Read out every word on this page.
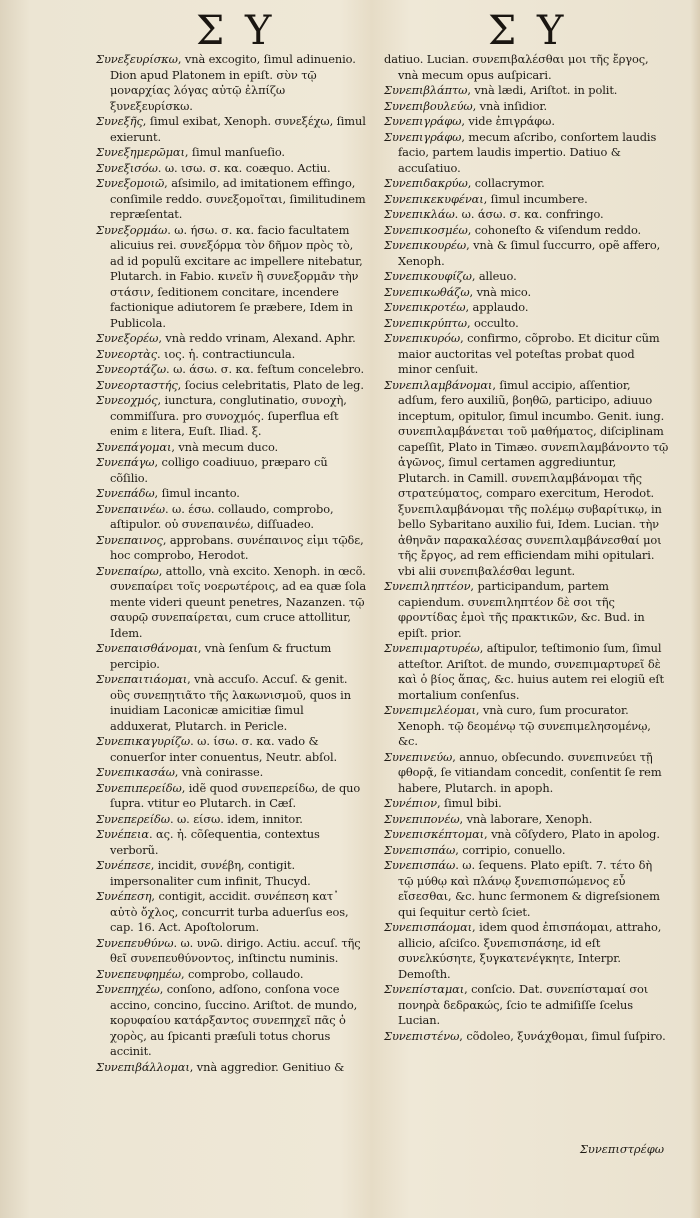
Σ Υ	Σ Υ

Συνεξευρίσκω, vnà excogito, ſimul adinuenio. Dion apud Platonem in epiſt. σὺν τῷ μοναρχίας λόγας αὐτῷ ἐλπίζω ξυνεξευρίσκω.

Συνεξῆς, ſimul exibat, Xenoph. συνεξέχω, ſimul exierunt.

Συνεξημερῶμαι, ſimul manſueſio.

Συνεξισόω. ω. ισω. σ. κα. coæquo. Actiu.

Συνεξομοιῶ, aſsimilo, ad imitationem effingo, conſimile reddo. συνεξομοῖται, ſimilitudinem repræſentat.

Συνεξορμάω. ω. ήσω. σ. κα. facio facultatem alicuius rei. συνεξόρμα τὸν δῆμον πρὸς τὸ, ad id populũ excitare ac impellere nitebatur, Plutarch. in Fabio. κινεῖν ἢ συνεξορμᾶν τὴν στάσιν, ſeditionem concitare, incendere factionique adiutorem ſe præbere, Idem in Publicola.

Συνεξορέω, vnà reddo vrinam, Alexand. Aphr.

Συνεορτὰς. ιος. ἡ. contractiuncula.

Συνεορτάζω. ω. άσω. σ. κα. feſtum concelebro.

Συνεορταστής, ſocius celebritatis, Plato de leg.

Συνεοχμός, iunctura, conglutinatio, συνοχὴ, commiſſura. pro συνοχμός. ſuperflua eſt enim ε litera, Euſt. Iliad. ξ.

Συνεπάγομαι, vnà mecum duco.

Συνεπάγω, colligo coadiuuo, præparo cũ cõſilio.

Συνεπάδω, ſimul incanto.

Συνεπαινέω. ω. έσω. collaudo, comprobo, aſtipulor. οὐ συνεπαινέω, diſſuadeo.

Συνεπαινος, approbans. συνέπαινος εἰμι τῷδε, hoc comprobo, Herodot.

Συνεπαίρω, attollo, vnà excito. Xenoph. in œcõ. συνεπαίρει τοῖς νοερωτέροις, ad ea quæ ſola mente videri queunt penetres, Nazanzen. τῷ σαυρῷ συνεπαίρεται, cum cruce attollitur, Idem.

Συνεπαισθάνομαι, vnà ſenſum & fructum percipio.

Συνεπαιτιάομαι, vnà accuſo. Accuſ. & genit. οὓς συνεπῃτιᾶτο τῆς λακωνισμοῦ, quos in inuidiam Laconicæ amicitiæ ſimul adduxerat, Plutarch. in Pericle.

Συνεπικαγυρίζω. ω. ίσω. σ. κα. vado & conuerſor inter conuentus, Neutr. abſol.

Συνεπικασάω, vnà conirasse.

Συνεπιπερείδω, idẽ quod συνεπερείδω, de quo ſupra. vtitur eo Plutarch. in Cæſ.

Συνεπερείδω. ω. είσω. idem, innitor.

Συνέπεια. ας. ἡ. cõſequentia, contextus verborũ.

Συνέπεσε, incidit, συνέβη, contigit. impersonaliter cum infinit, Thucyd.

Συνέπεση, contigit, accidit. συνέπεση κατ᾽ αὐτὸ ὄχλος, concurrit turba aduerſus eos, cap. 16. Act. Apoſtolorum.

Συνεπευθύνω. ω. υνῶ. dirigo. Actiu. accuſ. τῆς θεῖ συνεπευθύνοντος, inſtinctu numinis.

Συνεπευφημέω, comprobo, collaudo.

Συνεπηχέω, conſono, adſono, conſona voce accino, concino, ſuccino. Ariſtot. de mundo, κορυφαίου κατάρξαντος συνεπηχεῖ πᾶς ὁ χορὸς, au ſpicanti præſuli totus chorus accinit.

Συνεπιβάλλομαι, vnà aggredior. Genitiuo &

datiuo. Lucian. συνεπιβαλέσθαι μοι τῆς ἔργος, vnà mecum opus auſpicari.

Συνεπιβλάπτω, vnà lædi, Ariſtot. in polit.

Συνεπιβουλεύω, vnà inſidior.

Συνεπιγράφω, vide ἐπιγράφω.

Συνεπιγράφω, mecum aſcribo, conſortem laudis facio, partem laudis impertio. Datiuo & accuſatiuo.

Συνεπιδακρύω, collacrymor.

Συνεπικεκυφέναι, ſimul incumbere.

Συνεπικλάω. ω. άσω. σ. κα. confringo.

Συνεπικοσμέω, cohoneſto & viſendum reddo.

Συνεπικουρέω, vnà & ſimul ſuccurro, opẽ affero, Xenoph.

Συνεπικουφίζω, alleuo.

Συνεπικωθάζω, vnà mico.

Συνεπικροτέω, applaudo.

Συνεπικρύπτω, occulto.

Συνεπικυρόω, confirmo, cõprobo. Et dicitur cũm maior auctoritas vel poteſtas probat quod minor cenſuit.

Συνεπιλαμβάνομαι, ſimul accipio, aſſentior, adſum, fero auxiliũ, βοηθῶ, participo, adiuuo inceptum, opitulor, ſimul incumbo. Genit. iung. συνεπιλαμβάνεται τοῦ μαθήματος, diſciplinam capeſſit, Plato in Timæo. συνεπιλαμβάνοντο τῷ ἀγῶνος, ſimul certamen aggrediuntur, Plutarch. in Camill. συνεπιλαμβάνομαι τῆς στρατεύματος, comparo exercitum, Herodot. ξυνεπιλαμβάνομαι τῆς πολέμῳ συβαρίτικῳ, in bello Sybaritano auxilio fui, Idem. Lucian. τὴν ἀθηνᾶν παρακαλέσας συνεπιλαμβάνεσθαί μοι τῆς ἔργος, ad rem efficiendam mihi opitulari. vbi alii συνεπιβαλέσθαι legunt.

Συνεπιληπτέον, participandum, partem capiendum. συνεπιληπτέον δὲ σοι τῆς φροντίδας ἐμοὶ τῆς πρακτικῶν, &c. Bud. in epiſt. prior.

Συνεπιμαρτυρέω, aſtipulor, teſtimonio ſum, ſimul atteſtor. Ariſtot. de mundo, συνεπιμαρτυρεῖ δὲ καὶ ὁ βίος ἅπας, &c. huius autem rei elogiũ eſt mortalium conſenſus.

Συνεπιμελέομαι, vnà curo, ſum procurator. Xenoph. τῷ δεομένῳ τῷ συνεπιμελησομένῳ, &c.

Συνεπινεύω, annuo, obſecundo. συνεπινεύει τῇ φθορᾷ, ſe vitiandam concedit, conſentit ſe rem habere, Plutarch. in apoph.

Συνέπιον, ſimul bibi.

Συνεπιπονέω, vnà laborare, Xenoph.

Συνεπισκέπτομαι, vnà cõſydero, Plato in apolog.

Συνεπισπάω, corripio, conuello.

Συνεπισπάω. ω. ſequens. Plato epiſt. 7. τέτο δὴ τῷ μύθῳ καὶ πλάνῳ ξυνεπισπώμενος εὖ εἴσεσθαι, &c. hunc ſermonem & digreſsionem qui ſequitur certò ſciet.

Συνεπισπάομαι, idem quod ἐπισπάομαι, attraho, allicio, aſciſco. ξυνεπισπάσηε, id eſt συνελκύσητε, ξυγκατενέγκητε, Interpr. Demoſth.

Συνεπίσταμαι, conſcio. Dat. συνεπίσταμαί σοι πονηρὰ δεδρακώς, ſcio te admiſiſſe ſcelus Lucian.

Συνεπιστένω, cõdoleo, ξυνάχθομαι, ſimul ſuſpiro.

Συνεπιστρέφω
